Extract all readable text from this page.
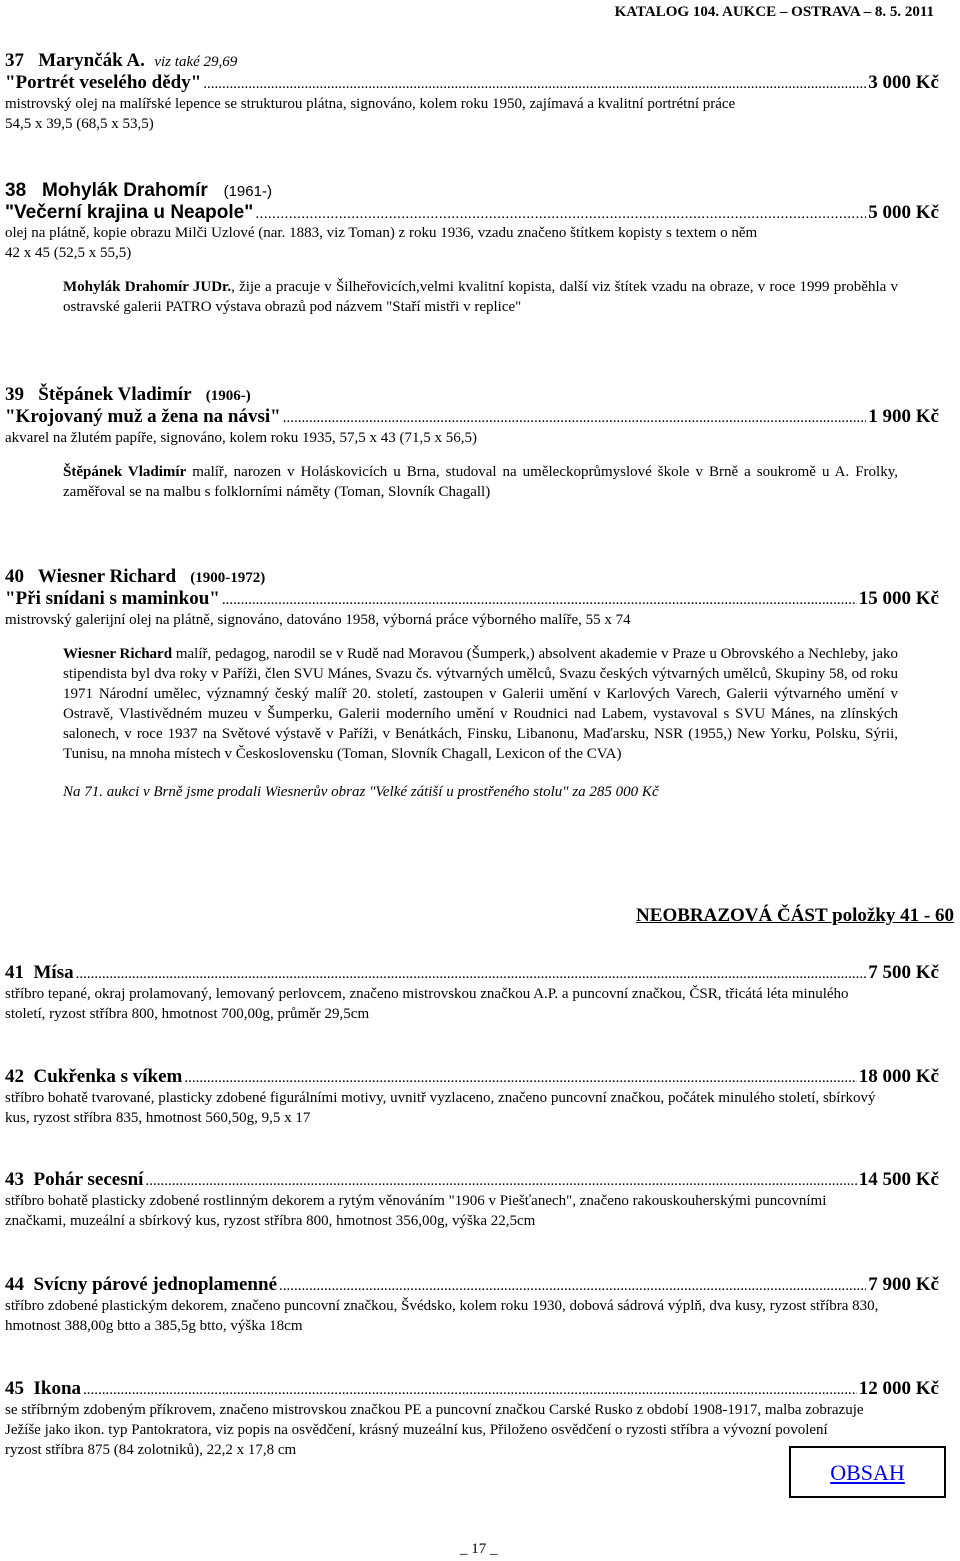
KATALOG 104. AUKCE – OSTRAVA – 8. 5. 2011
37 Marynčák A. viz také 29,69
"Portrét veselého dědy" .....	3 000 Kč
mistrovský olej na malířské lepence se strukturou plátna, signováno, kolem roku 1950, zajímavá a kvalitní portrétní práce
54,5 x 39,5 (68,5 x 53,5)
38 Mohylák Drahomír (1961-)
"Večerní krajina u Neapole" .....	5 000 Kč
olej na plátně, kopie obrazu Milči Uzlové (nar. 1883, viz Toman) z roku 1936, vzadu značeno štítkem kopisty s textem o něm
42 x 45 (52,5 x 55,5)
Mohylák Drahomír JUDr., žije a pracuje v Šilheřovicích,velmi kvalitní kopista, další viz štítek vzadu na obraze, v roce 1999 proběhla v ostravské galerii PATRO výstava obrazů pod názvem "Staří mistři v replice"
39 Štěpánek Vladimír (1906-)
"Krojovaný muž a žena na návsi" .....	1 900 Kč
akvarel na žlutém papíře, signováno, kolem roku 1935, 57,5 x 43 (71,5 x 56,5)
Štěpánek Vladimír malíř, narozen v Holáskovicích u Brna, studoval na uměleckoprůmyslové škole v Brně a soukromě u A. Frolky, zaměřoval se na malbu s folklorními náměty (Toman, Slovník Chagall)
40 Wiesner Richard (1900-1972)
"Při snídani s maminkou" .....	15 000 Kč
mistrovský galerijní olej na plátně, signováno, datováno 1958, výborná práce výborného malíře, 55 x 74
Wiesner Richard malíř, pedagog, narodil se v Rudě nad Moravou (Šumperk,) absolvent akademie v Praze u Obrovského a Nechleby, jako stipendista byl dva roky v Paříži, člen SVU Mánes, Svazu čs. výtvarných umělců, Svazu českých výtvarných umělců, Skupiny 58, od roku 1971 Národní umělec, významný český malíř 20. století, zastoupen v Galerii umění v Karlových Varech, Galerii výtvarného umění v Ostravě, Vlastivědném muzeu v Šumperku, Galerii moderního umění v Roudnici nad Labem, vystavoval s SVU Mánes, na zlínských salonech, v roce 1937 na Světové výstavě v Paříži, v Benátkách, Finsku, Libanonu, Maďarsku, NSR (1955,) New Yorku, Polsku, Sýrii, Tunisu, na mnoha místech v Československu (Toman, Slovník Chagall, Lexicon of the CVA)
Na 71. aukci v Brně jsme prodali Wiesnerův obraz "Velké zátiší u prostřeného stolu" za 285 000 Kč
NEOBRAZOVÁ ČÁST položky 41 - 60
41
Mísa .....	7 500 Kč
stříbro tepané, okraj prolamovaný, lemovaný perlovcem, značeno mistrovskou značkou A.P. a puncovní značkou, ČSR, třicátá léta minulého století, ryzost stříbra 800, hmotnost 700,00g, průměr 29,5cm
42
Cukřenka s víkem .....	18 000 Kč
stříbro bohatě tvarované, plasticky zdobené figurálními motivy, uvnitř vyzlaceno, značeno puncovní značkou, počátek minulého století, sbírkový kus, ryzost stříbra 835, hmotnost 560,50g, 9,5 x 17
43
Pohár secesní .....	14 500 Kč
stříbro bohatě plasticky zdobené rostlinným dekorem a rytým věnováním "1906 v Piešťanech", značeno rakouskouherskými puncovními značkami, muzeální a sbírkový kus, ryzost stříbra 800, hmotnost 356,00g, výška 22,5cm
44
Svícny párové jednoplamenné .....	7 900 Kč
stříbro zdobené plastickým dekorem, značeno puncovní značkou, Švédsko, kolem roku 1930, dobová sádrová výplň, dva kusy, ryzost stříbra 830, hmotnost 388,00g btto a 385,5g btto, výška 18cm
45
Ikona .....	12 000 Kč
se stříbrným zdobeným příkrovem, značeno mistrovskou značkou PE a puncovní značkou Carské Rusko z období 1908-1917, malba zobrazuje Ježíše jako ikon. typ Pantokratora, viz popis na osvědčení, krásný muzeální kus, Přiloženo osvědčení o ryzosti stříbra a vývozní povolení
ryzost stříbra 875 (84 zolotniků), 22,2 x 17,8 cm
OBSAH
_ 17 _
